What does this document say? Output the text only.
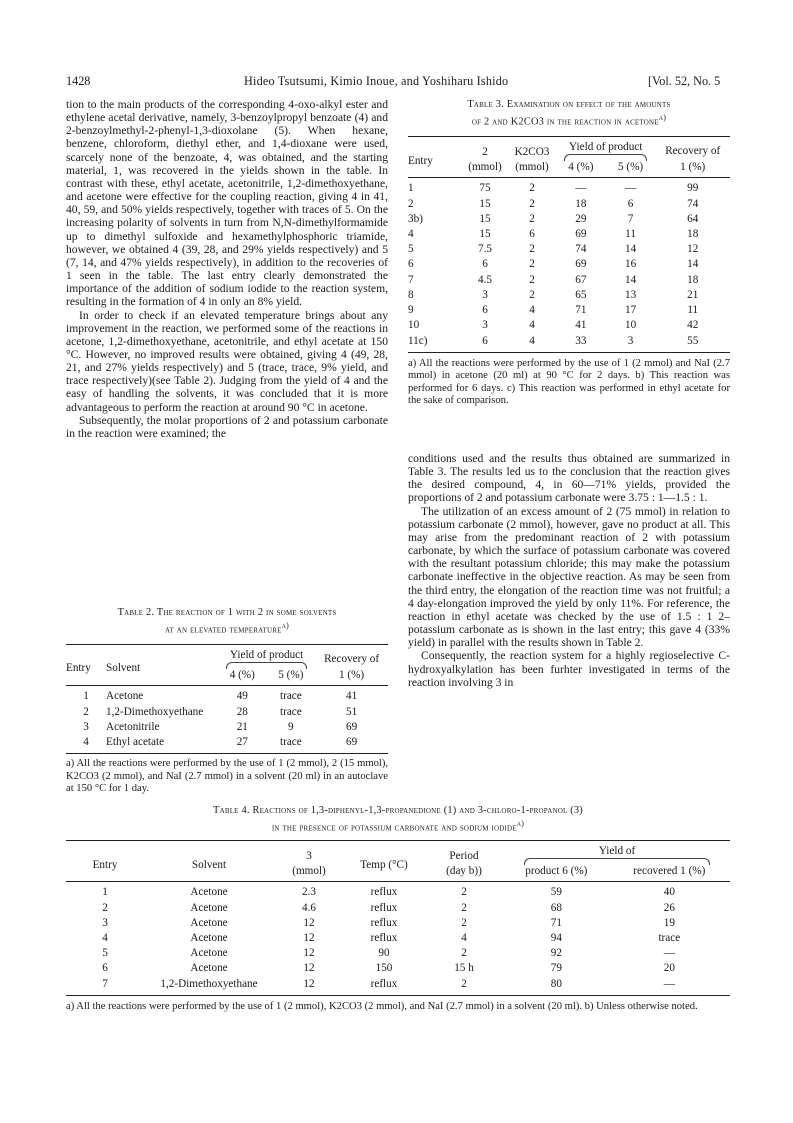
1428	Hideo Tsutsumi, Kimio Inoue, and Yoshiharu Ishido	[Vol. 52, No. 5

tion to the main products of the corresponding 4-oxo-alkyl ester and ethylene acetal derivative, namely, 3-benzoylpropyl benzoate (4) and 2-benzoylmethyl-2-phenyl-1,3-dioxolane (5). When hexane, benzene, chloroform, diethyl ether, and 1,4-dioxane were used, scarcely none of the benzoate, 4, was obtained, and the starting material, 1, was recovered in the yields shown in the table. In contrast with these, ethyl acetate, acetonitrile, 1,2-dimethoxyethane, and acetone were effective for the coupling reaction, giving 4 in 41, 40, 59, and 50% yields respectively, together with traces of 5. On the increasing polarity of solvents in turn from N,N-dimethylformamide up to dimethyl sulfoxide and hexamethylphosphoric triamide, however, we obtained 4 (39, 28, and 29% yields respectively) and 5 (7, 14, and 47% yields respectively), in addition to the recoveries of 1 seen in the table. The last entry clearly demonstrated the importance of the addition of sodium iodide to the reaction system, resulting in the formation of 4 in only an 8% yield.

In order to check if an elevated temperature brings about any improvement in the reaction, we performed some of the reactions in acetone, 1,2-dimethoxyethane, acetonitrile, and ethyl acetate at 150 °C. However, no improved results were obtained, giving 4 (49, 28, 21, and 27% yields respectively) and 5 (trace, trace, 9% yield, and trace respectively)(see Table 2). Judging from the yield of 4 and the easy of handling the solvents, it was concluded that it is more advantageous to perform the reaction at around 90 °C in acetone.

Subsequently, the molar proportions of 2 and potassium carbonate in the reaction were examined; the

Table 2. The reaction of 1 with 2 in some solvents
at an elevated temperature$^{a)}$
Entry	Solvent	Yield of product		Recovery of
		4 (%)	5 (%)	1 (%)
1	Acetone	49	trace	41
2	1,2-Dimethoxyethane	28	trace	51
3	Acetonitrile	21	9	69
4	Ethyl acetate	27	trace	69
a) All the reactions were performed by the use of 1 (2 mmol), 2 (15 mmol), K2CO3 (2 mmol), and NaI (2.7 mmol) in a solvent (20 ml) in an autoclave at 150 °C for 1 day.
Table 3. Examination on effect of the amounts
of 2 and K2CO3 in the reaction in acetone$^{a)}$
Entry	2	K2CO3	Yield of product		Recovery of
	(mmol)	(mmol)	4 (%)	5 (%)	1 (%)
1	75	2	—	—	99
2	15	2	18	6	74
3b)	15	2	29	7	64
4	15	6	69	11	18
5	7.5	2	74	14	12
6	6	2	69	16	14
7	4.5	2	67	14	18
8	3	2	65	13	21
9	6	4	71	17	11
10	3	4	41	10	42
11c)	6	4	33	3	55
a) All the reactions were performed by the use of 1 (2 mmol) and NaI (2.7 mmol) in acetone (20 ml) at 90 °C for 2 days. b) This reaction was performed for 6 days. c) This reaction was performed in ethyl acetate for the sake of comparison.

conditions used and the results thus obtained are summarized in Table 3. The results led us to the conclusion that the reaction gives the desired compound, 4, in 60—71% yields, provided the proportions of 2 and potassium carbonate were 3.75 : 1—1.5 : 1.

The utilization of an excess amount of 2 (75 mmol) in relation to potassium carbonate (2 mmol), however, gave no product at all. This may arise from the predominant reaction of 2 with potassium carbonate, by which the surface of potassium carbonate was covered with the resultant potassium chloride; this may make the potassium carbonate ineffective in the objective reaction. As may be seen from the third entry, the elongation of the reaction time was not fruitful; a 4 day-elongation improved the yield by only 11%. For reference, the reaction in ethyl acetate was checked by the use of 1.5 : 1 2–potassium carbonate as is shown in the last entry; this gave 4 (33% yield) in parallel with the results shown in Table 2.

Consequently, the reaction system for a highly regioselective C-hydroxyalkylation has been furhter investigated in terms of the reaction involving 3 in

Table 4. Reactions of 1,3-diphenyl-1,3-propanedione (1) and 3-chloro-1-propanol (3)
in the presence of potassium carbonate and sodium iodide$^{a)}$
Entry	Solvent	3	Temp (°C)	Period	Yield of	

		(mmol)		(day b))	product 6 (%)	recovered 1 (%)
1	Acetone	2.3	reflux	2	59	40
2	Acetone	4.6	reflux	2	68	26
3	Acetone	12	reflux	2	71	19
4	Acetone	12	reflux	4	94	trace
5	Acetone	12	90	2	92	—
6	Acetone	12	150	15 h	79	20
7	1,2-Dimethoxyethane	12	reflux	2	80	—
a) All the reactions were performed by the use of 1 (2 mmol), K2CO3 (2 mmol), and NaI (2.7 mmol) in a solvent (20 ml). b) Unless otherwise noted.
